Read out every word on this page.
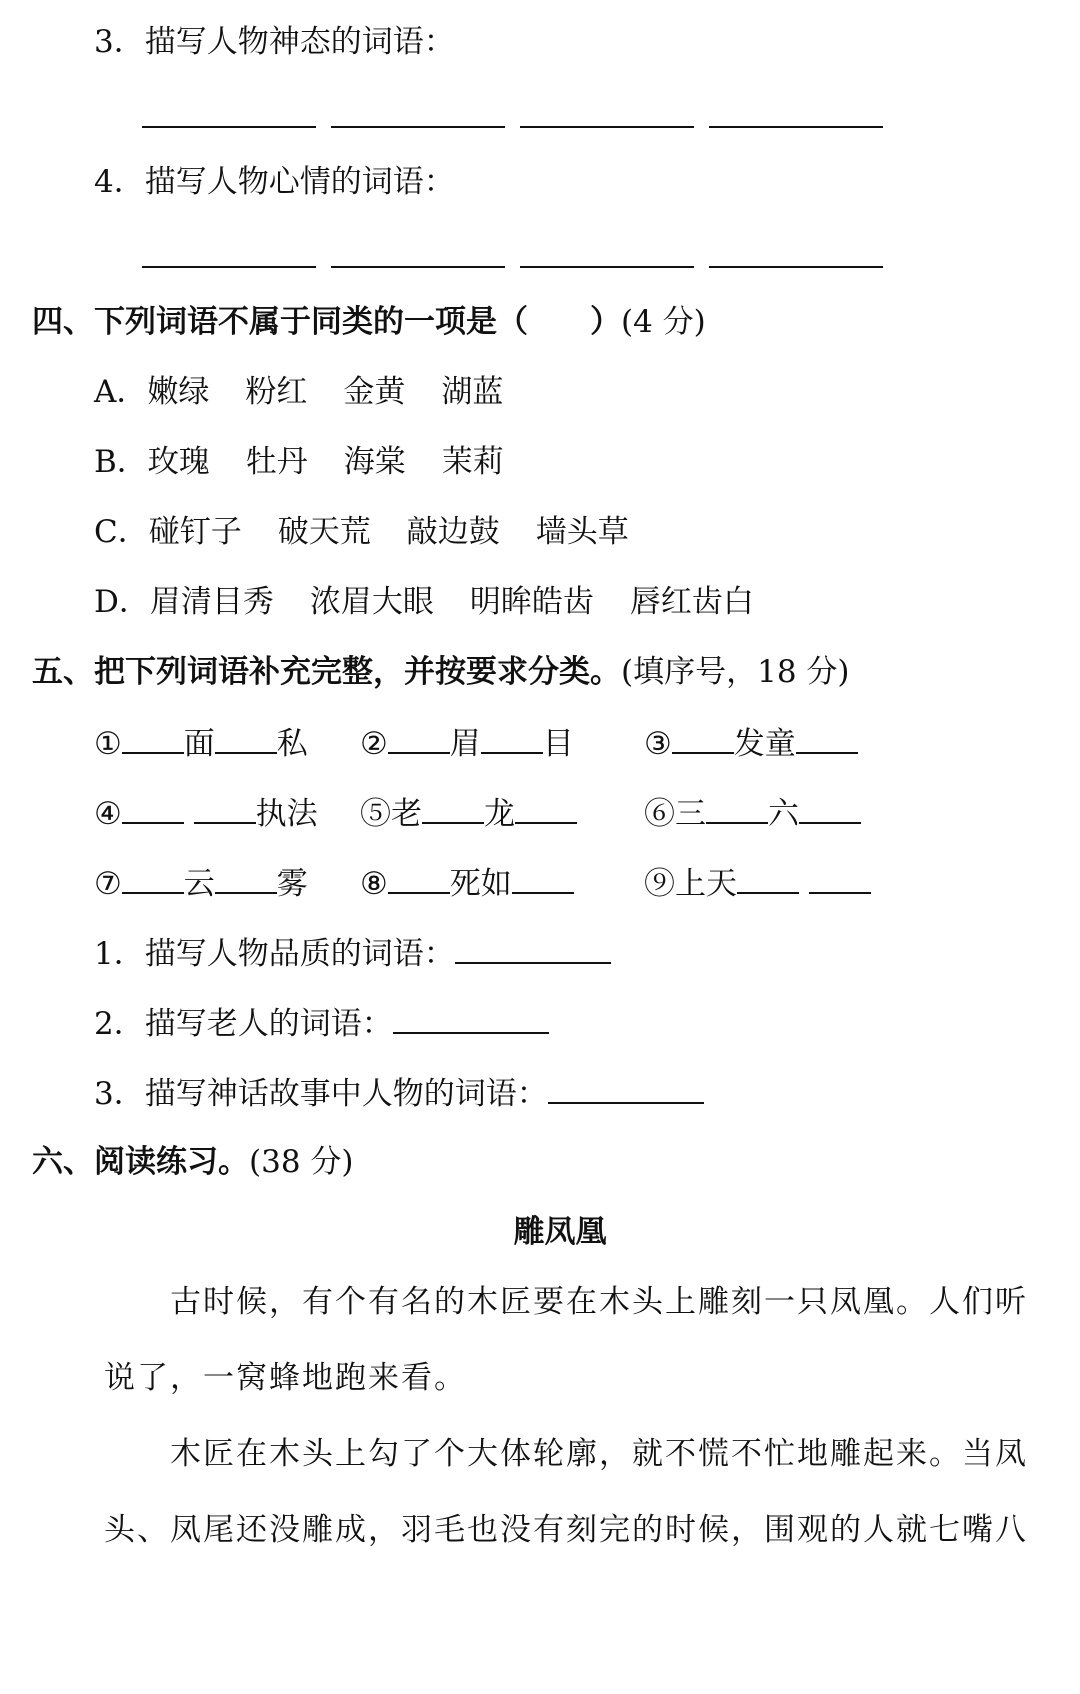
3．描写人物神态的词语：
4．描写人物心情的词语：
四、下列词语不属于同类的一项是（　　）(4 分)
A．嫩绿 粉红 金黄 湖蓝
B．玫瑰 牡丹 海棠 茉莉
C．碰钉子 破天荒 敲边鼓 墙头草
D．眉清目秀 浓眉大眼 明眸皓齿 唇红齿白
五、把下列词语补充完整，并按要求分类。(填序号，18 分)
① 面 私 ② 眉 目 ③ 发童
④	执法 ⑤老 龙	⑥三 六
⑦ 云 雾 ⑧ 死如	⑨上天
1．描写人物品质的词语：
2．描写老人的词语：
3．描写神话故事中人物的词语：
六、阅读练习。(38 分)
雕凤凰
　　古时候，有个有名的木匠要在木头上雕刻一只凤凰。人们听说了，一窝蜂地跑来看。
　　木匠在木头上勾了个大体轮廓，就不慌不忙地雕起来。当凤头、凤尾还没雕成，羽毛也没有刻完的时候，围观的人就七嘴八
